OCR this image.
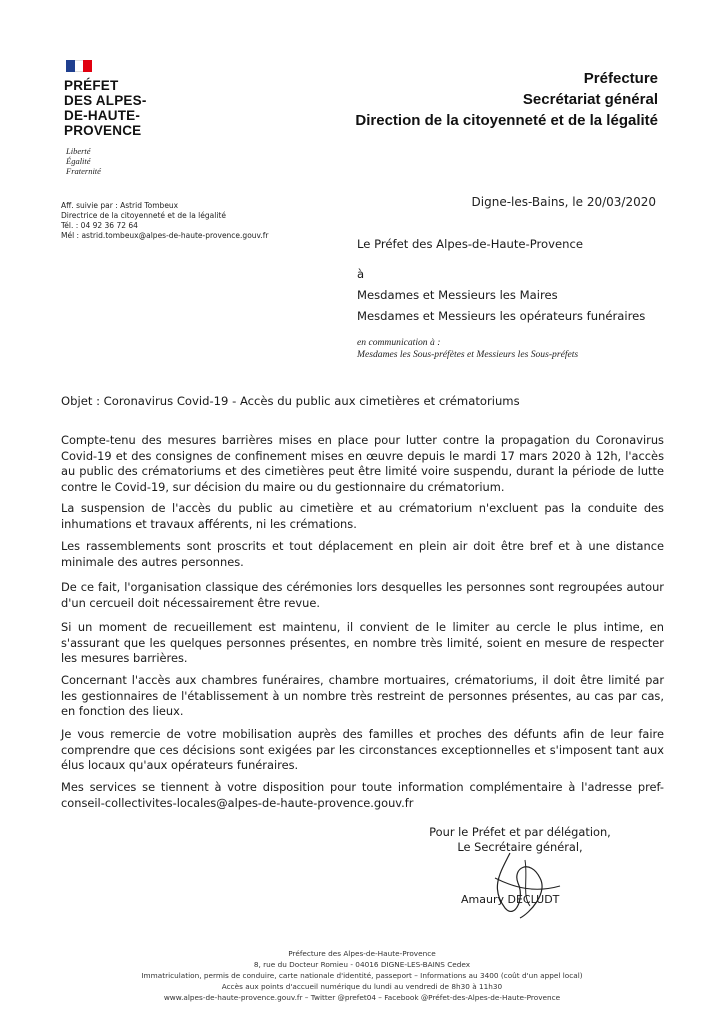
PRÉFET
DES ALPES-
DE-HAUTE-
PROVENCE
Liberté
Égalité
Fraternité
Préfecture
Secrétariat général
Direction de la citoyenneté et de la légalité
Aff. suivie par : Astrid Tombeux
Directrice de la citoyenneté et de la légalité
Tél. : 04 92 36 72 64
Mél : astrid.tombeux@alpes-de-haute-provence.gouv.fr
Digne-les-Bains, le 20/03/2020
Le Préfet des Alpes-de-Haute-Provence
à
Mesdames et Messieurs les Maires
Mesdames et Messieurs les opérateurs funéraires
en communication à :
Mesdames les Sous-préfètes et Messieurs les Sous-préfets
Objet : Coronavirus Covid-19 - Accès du public aux cimetières et crématoriums
Compte-tenu des mesures barrières mises en place pour lutter contre la propagation du Coronavirus Covid-19 et des consignes de confinement mises en œuvre depuis le mardi 17 mars 2020 à 12h, l'accès au public des crématoriums et des cimetières peut être limité voire suspendu, durant la période de lutte contre le Covid-19, sur décision du maire ou du gestionnaire du crématorium.
La suspension de l'accès du public au cimetière et au crématorium n'excluent pas la conduite des inhumations et travaux afférents, ni les crémations.
Les rassemblements sont proscrits et tout déplacement en plein air doit être bref et à une distance minimale des autres personnes.
De ce fait, l'organisation classique des cérémonies lors desquelles les personnes sont regroupées autour d'un cercueil doit nécessairement être revue.
Si un moment de recueillement est maintenu, il convient de le limiter au cercle le plus intime, en s'assurant que les quelques personnes présentes, en nombre très limité, soient en mesure de respecter les mesures barrières.
Concernant l'accès aux chambres funéraires, chambre mortuaires, crématoriums, il doit être limité par les gestionnaires de l'établissement à un nombre très restreint de personnes présentes, au cas par cas, en fonction des lieux.
Je vous remercie de votre mobilisation auprès des familles et proches des défunts afin de leur faire comprendre que ces décisions sont exigées par les circonstances exceptionnelles et s'imposent tant aux élus locaux qu'aux opérateurs funéraires.
Mes services se tiennent à votre disposition pour toute information complémentaire à l'adresse pref-conseil-collectivites-locales@alpes-de-haute-provence.gouv.fr
Pour le Préfet et par délégation,
Le Secrétaire général,
Amaury DECLUDT
Préfecture des Alpes-de-Haute-Provence
8, rue du Docteur Romieu - 04016 DIGNE-LES-BAINS Cedex
Immatriculation, permis de conduire, carte nationale d'identité, passeport – Informations au 3400 (coût d'un appel local)
Accès aux points d'accueil numérique du lundi au vendredi de 8h30 à 11h30
www.alpes-de-haute-provence.gouv.fr – Twitter @prefet04 – Facebook @Préfet-des-Alpes-de-Haute-Provence
